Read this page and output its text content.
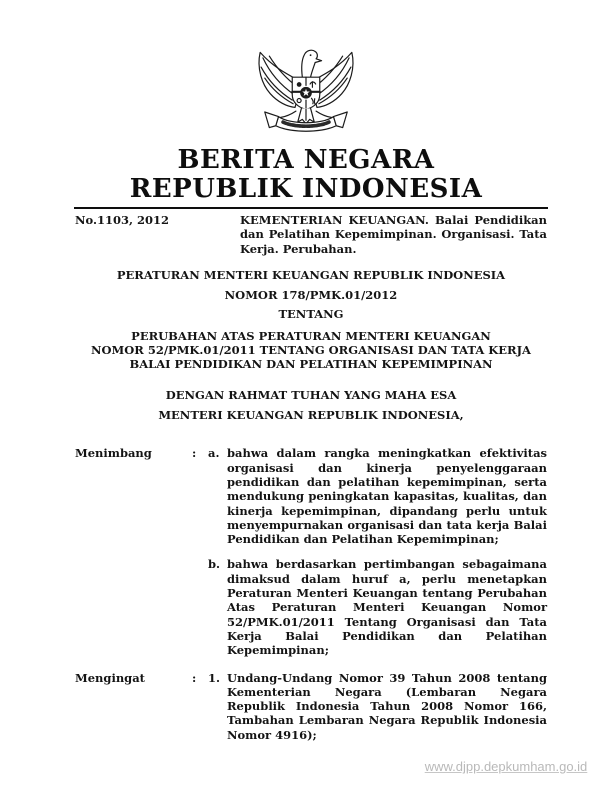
BERITA NEGARA
REPUBLIK INDONESIA
No.1103, 2012	KEMENTERIAN KEUANGAN. Balai Pendidikan dan Pelatihan Kepemimpinan. Organisasi. Tata Kerja. Perubahan.
PERATURAN MENTERI KEUANGAN REPUBLIK INDONESIA
NOMOR 178/PMK.01/2012
TENTANG
PERUBAHAN ATAS PERATURAN MENTERI KEUANGAN
NOMOR 52/PMK.01/2011 TENTANG ORGANISASI DAN TATA KERJA
BALAI PENDIDIKAN DAN PELATIHAN KEPEMIMPINAN
DENGAN RAHMAT TUHAN YANG MAHA ESA
MENTERI KEUANGAN REPUBLIK INDONESIA,
Menimbang	:	a. bahwa dalam rangka meningkatkan efektivitas organisasi dan kinerja penyelenggaraan pendidikan dan pelatihan kepemimpinan, serta mendukung peningkatan kapasitas, kualitas, dan kinerja kepemimpinan, dipandang perlu untuk menyempurnakan organisasi dan tata kerja Balai Pendidikan dan Pelatihan Kepemimpinan;
b. bahwa berdasarkan pertimbangan sebagaimana dimaksud dalam huruf a, perlu menetapkan Peraturan Menteri Keuangan tentang Perubahan Atas Peraturan Menteri Keuangan Nomor 52/PMK.01/2011 Tentang Organisasi dan Tata Kerja Balai Pendidikan dan Pelatihan Kepemimpinan;
Mengingat	:	1. Undang-Undang Nomor 39 Tahun 2008 tentang Kementerian Negara (Lembaran Negara Republik Indonesia Tahun 2008 Nomor 166, Tambahan Lembaran Negara Republik Indonesia Nomor 4916);
www.djpp.depkumham.go.id
